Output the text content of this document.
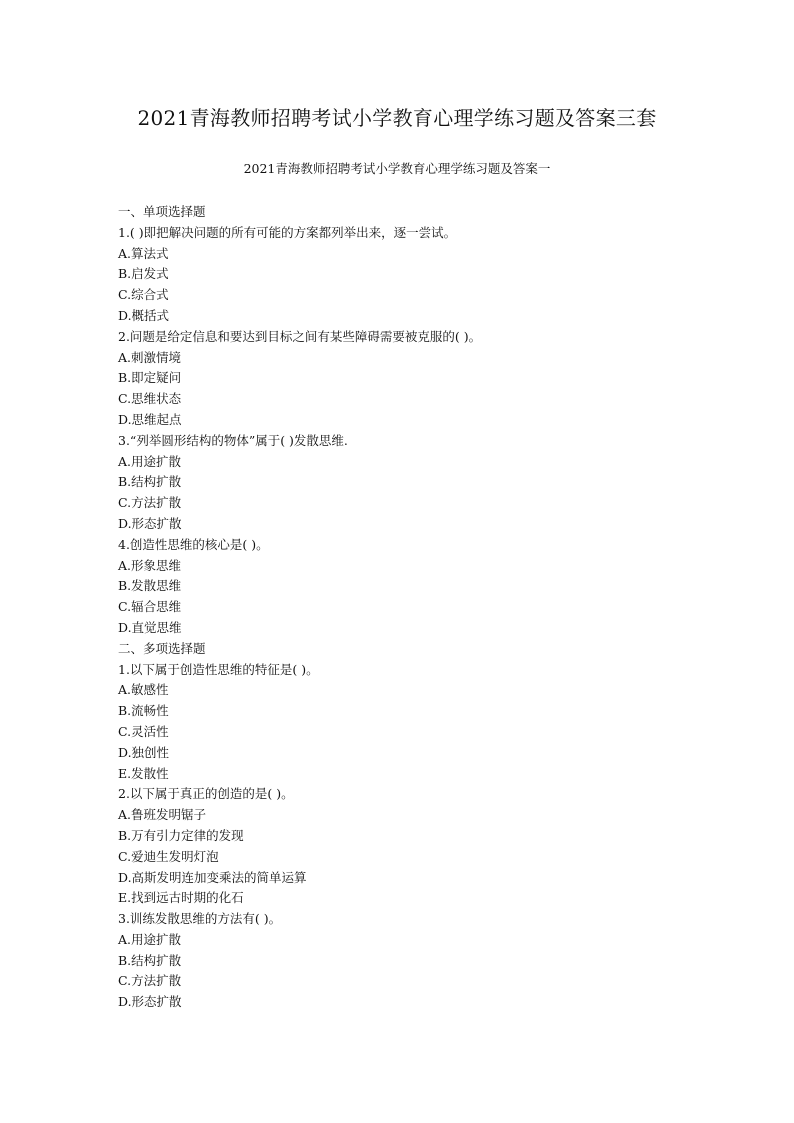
2021青海教师招聘考试小学教育心理学练习题及答案三套
2021青海教师招聘考试小学教育心理学练习题及答案一
一、单项选择题
1.( )即把解决问题的所有可能的方案都列举出来，逐一尝试。
A.算法式
B.启发式
C.综合式
D.概括式
2.问题是给定信息和要达到目标之间有某些障碍需要被克服的( )。
A.刺激情境
B.即定疑问
C.思维状态
D.思维起点
3.“列举圆形结构的物体”属于( )发散思维.
A.用途扩散
B.结构扩散
C.方法扩散
D.形态扩散
4.创造性思维的核心是( )。
A.形象思维
B.发散思维
C.辐合思维
D.直觉思维
二、多项选择题
1.以下属于创造性思维的特征是( )。
A.敏感性
B.流畅性
C.灵活性
D.独创性
E.发散性
2.以下属于真正的创造的是( )。
A.鲁班发明锯子
B.万有引力定律的发现
C.爱迪生发明灯泡
D.高斯发明连加变乘法的简单运算
E.找到远古时期的化石
3.训练发散思维的方法有( )。
A.用途扩散
B.结构扩散
C.方法扩散
D.形态扩散
